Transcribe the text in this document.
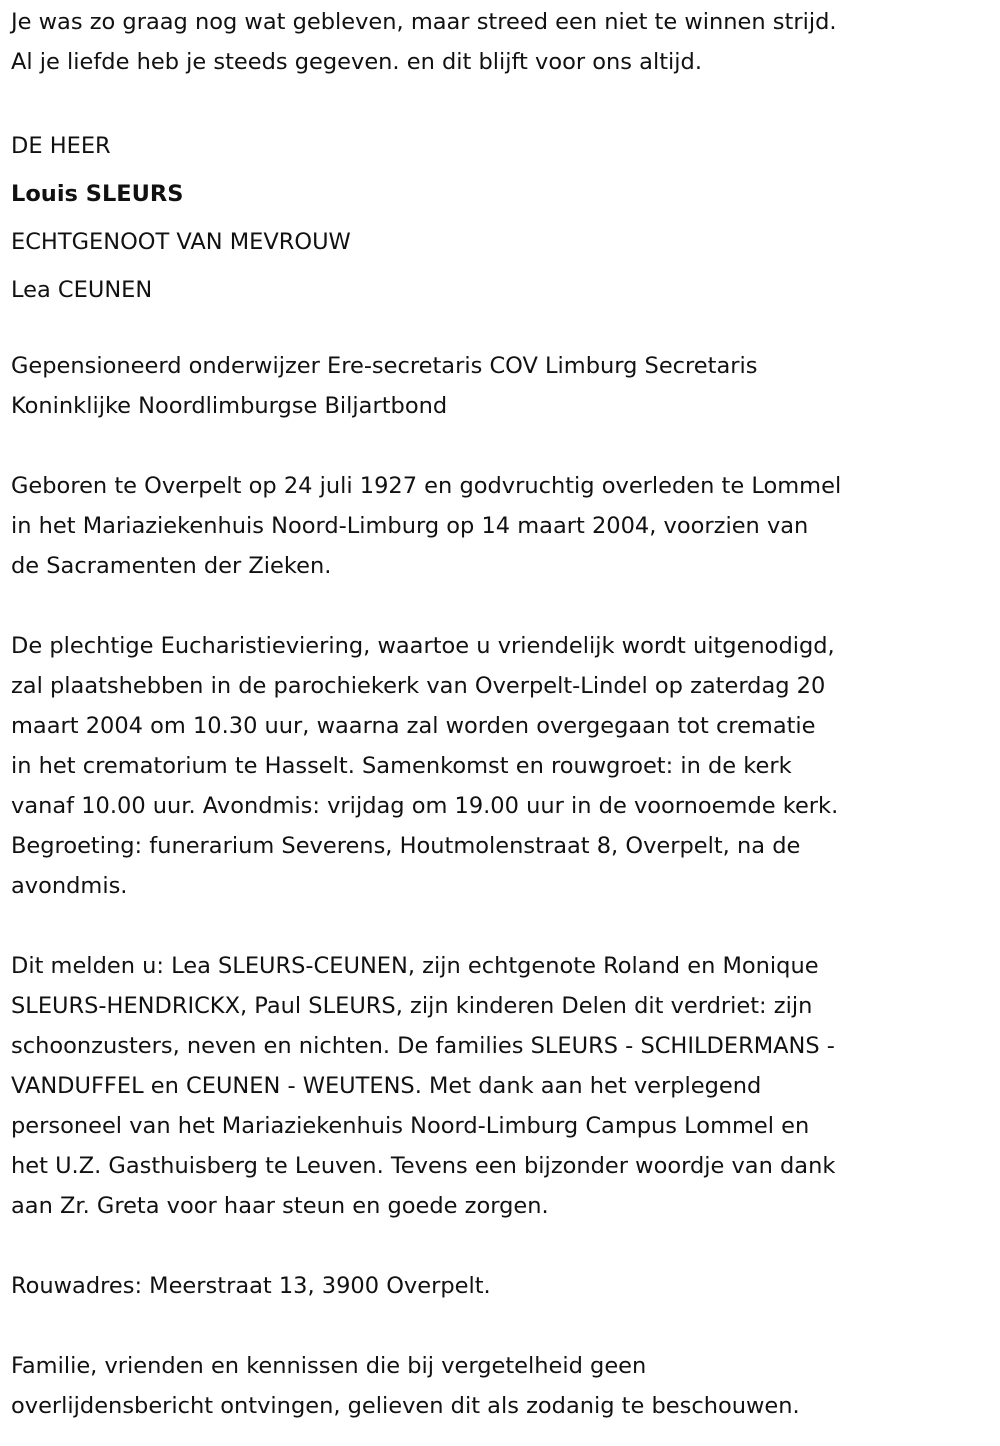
Je was zo graag nog wat gebleven, maar streed een niet te winnen strijd.

Al je liefde heb je steeds gegeven. en dit blijft voor ons altijd.

DE HEER

Louis SLEURS

ECHTGENOOT VAN MEVROUW

Lea CEUNEN

Gepensioneerd onderwijzer Ere-secretaris COV Limburg Secretaris

Koninklijke Noordlimburgse Biljartbond

Geboren te Overpelt op 24 juli 1927 en godvruchtig overleden te Lommel

in het Mariaziekenhuis Noord-Limburg op 14 maart 2004, voorzien van

de Sacramenten der Zieken.

De plechtige Eucharistieviering, waartoe u vriendelijk wordt uitgenodigd,

zal plaatshebben in de parochiekerk van Overpelt-Lindel op zaterdag 20

maart 2004 om 10.30 uur, waarna zal worden overgegaan tot crematie

in het crematorium te Hasselt. Samenkomst en rouwgroet: in de kerk

vanaf 10.00 uur. Avondmis: vrijdag om 19.00 uur in de voornoemde kerk.

Begroeting: funerarium Severens, Houtmolenstraat 8, Overpelt, na de

avondmis.

Dit melden u: Lea SLEURS-CEUNEN, zijn echtgenote Roland en Monique

SLEURS-HENDRICKX, Paul SLEURS, zijn kinderen Delen dit verdriet: zijn

schoonzusters, neven en nichten. De families SLEURS - SCHILDERMANS -

VANDUFFEL en CEUNEN - WEUTENS. Met dank aan het verplegend

personeel van het Mariaziekenhuis Noord-Limburg Campus Lommel en

het U.Z. Gasthuisberg te Leuven. Tevens een bijzonder woordje van dank

aan Zr. Greta voor haar steun en goede zorgen.

Rouwadres: Meerstraat 13, 3900 Overpelt.

Familie, vrienden en kennissen die bij vergetelheid geen

overlijdensbericht ontvingen, gelieven dit als zodanig te beschouwen.
